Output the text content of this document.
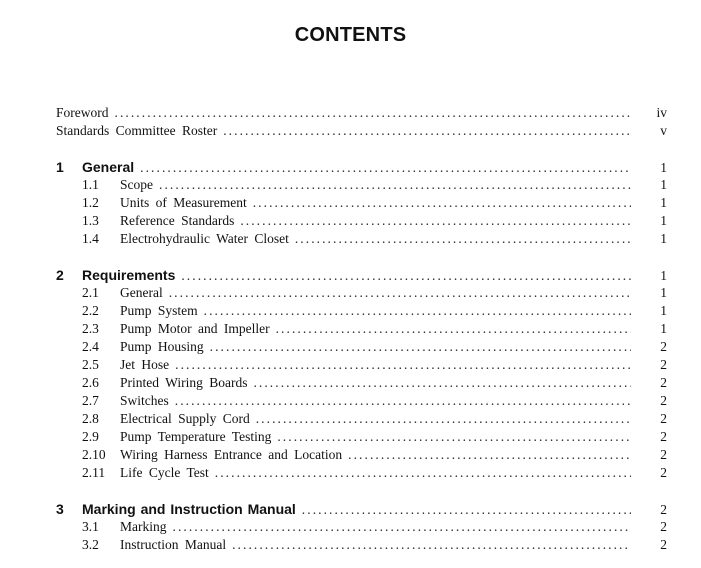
CONTENTS
Foreword . . .	iv
Standards Committee Roster . . .	v
1	General . . .	1
1.1	Scope . . .	1
1.2	Units of Measurement . . .	1
1.3	Reference Standards . . .	1
1.4	Electrohydraulic Water Closet . . .	1
2	Requirements . . .	1
2.1	General . . .	1
2.2	Pump System . . .	1
2.3	Pump Motor and Impeller . . .	1
2.4	Pump Housing . . .	2
2.5	Jet Hose . . .	2
2.6	Printed Wiring Boards . . .	2
2.7	Switches . . .	2
2.8	Electrical Supply Cord . . .	2
2.9	Pump Temperature Testing . . .	2
2.10	Wiring Harness Entrance and Location . . .	2
2.11	Life Cycle Test . . .	2
3	Marking and Instruction Manual . . .	2
3.1	Marking . . .	2
3.2	Instruction Manual . . .	2
